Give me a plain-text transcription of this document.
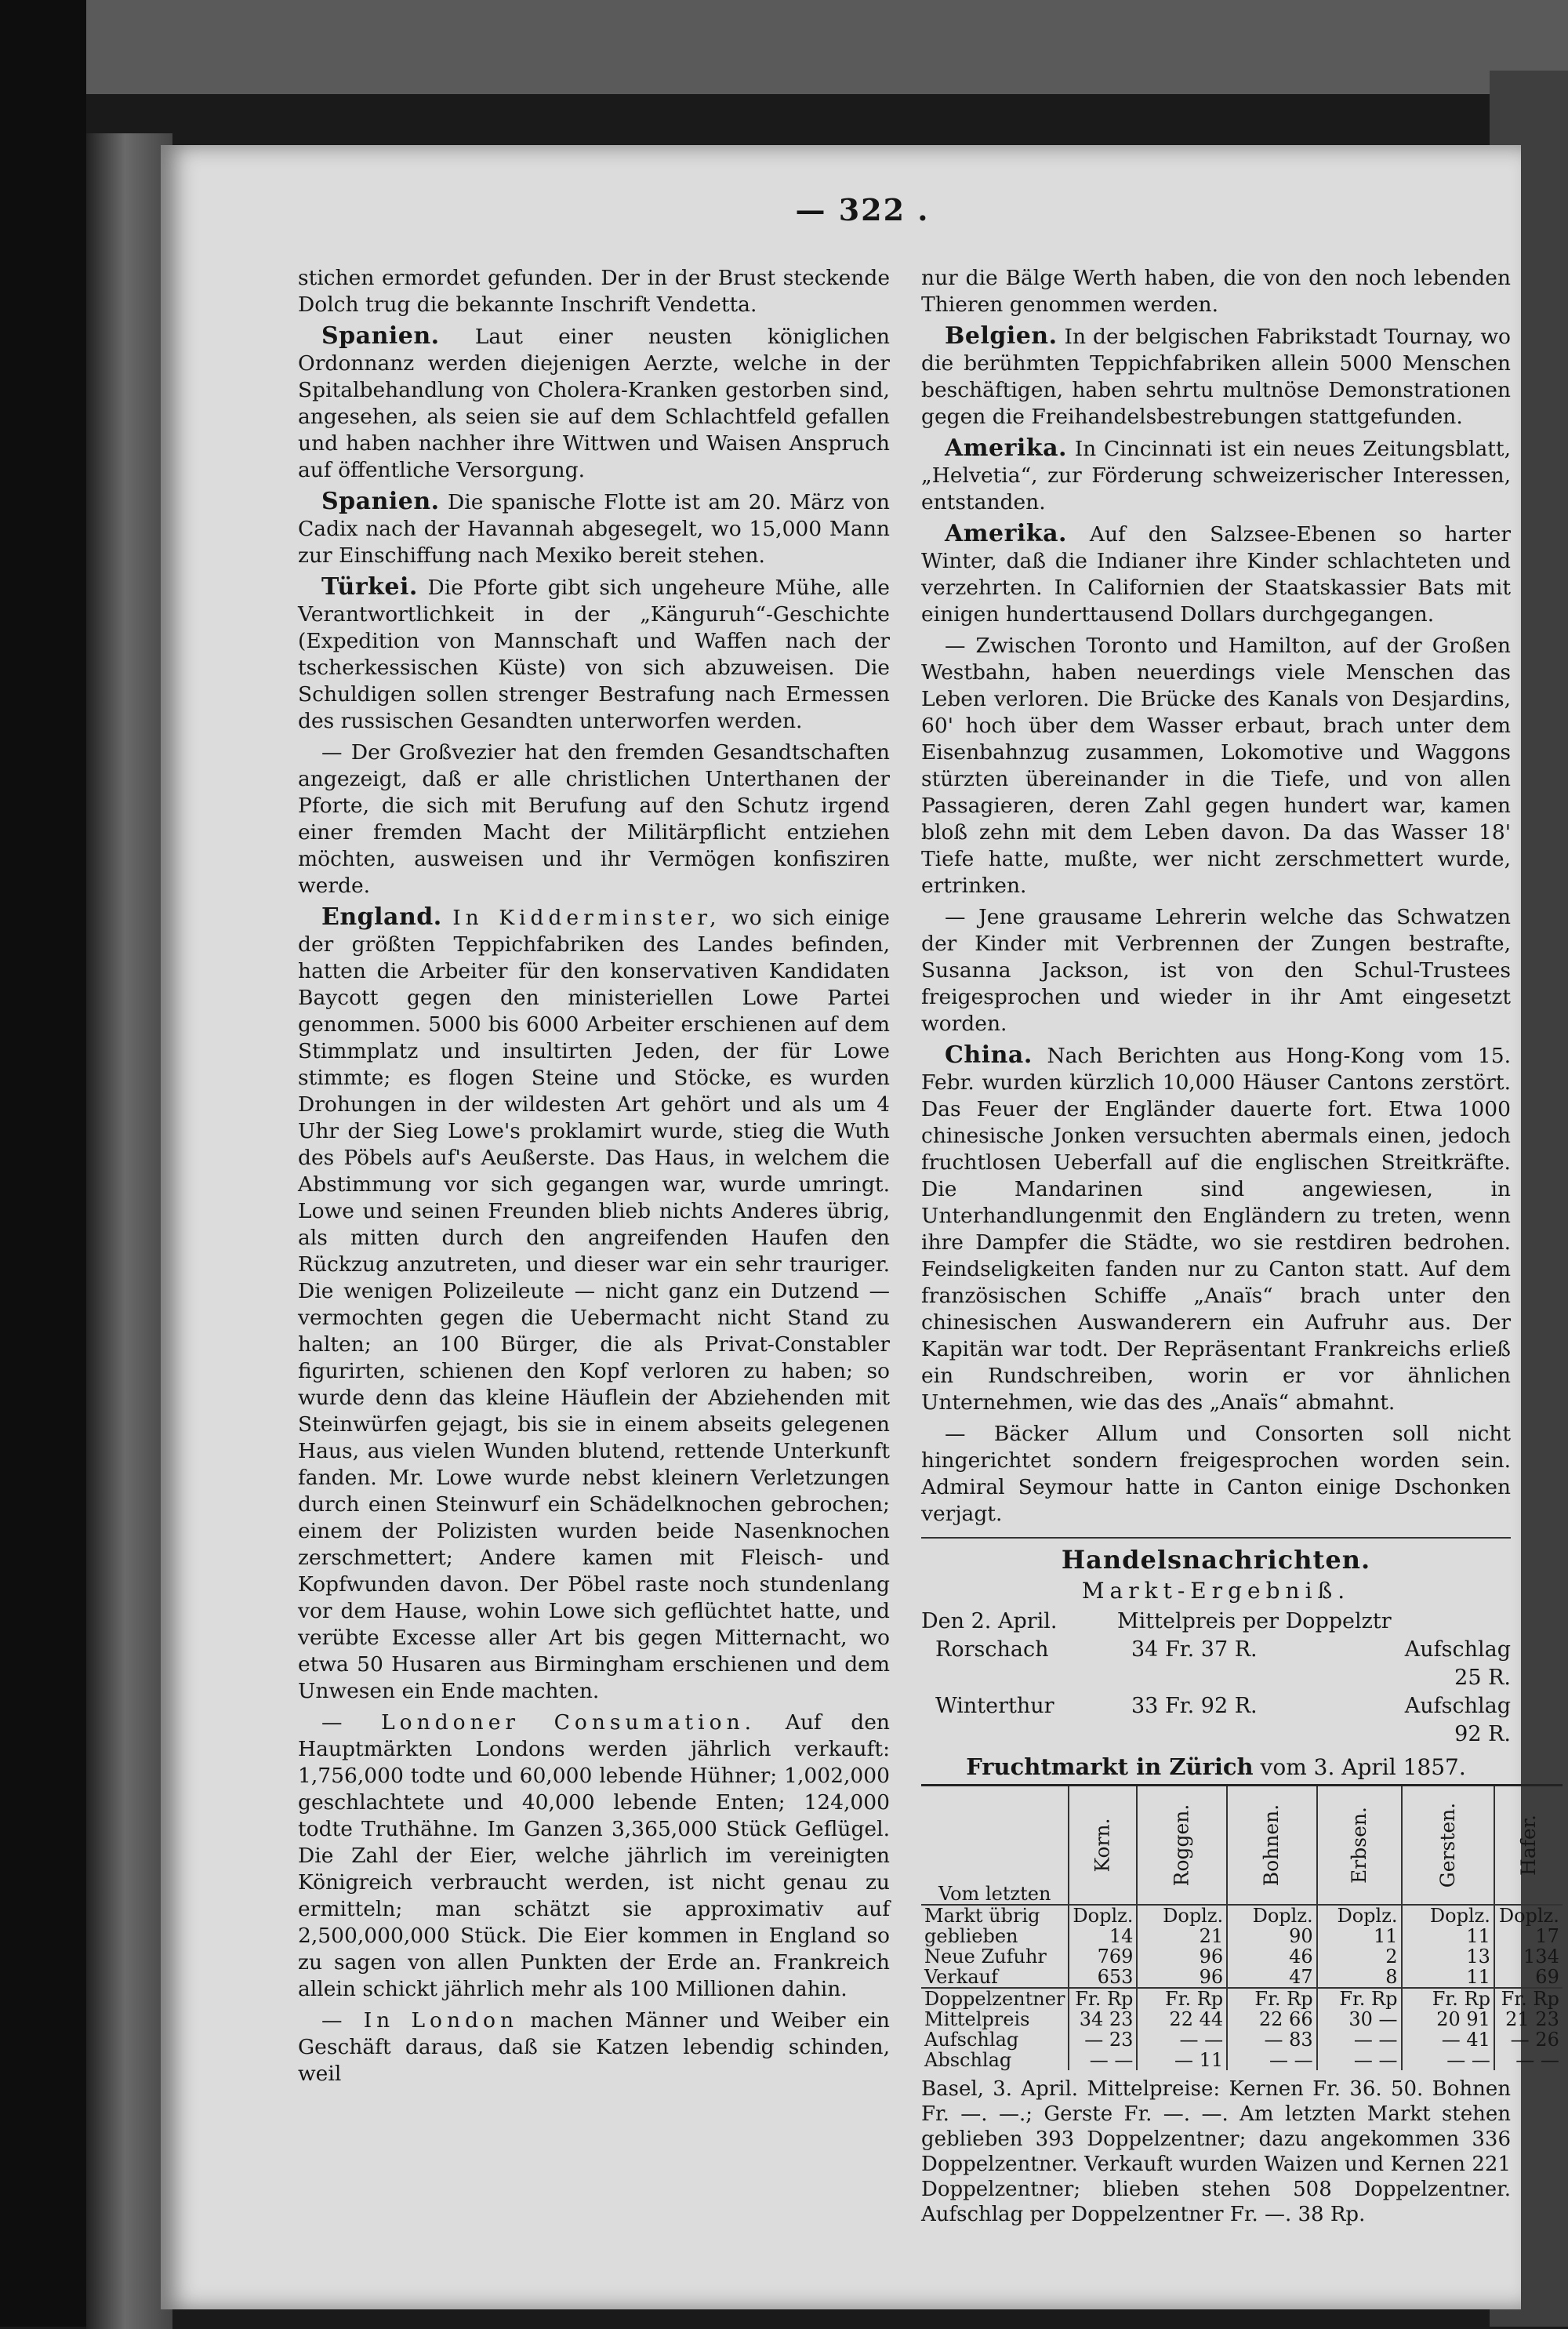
— 322 .

stichen ermordet gefunden. Der in der Brust steckende Dolch trug die bekannte Inschrift Vendetta.

Spanien. Laut einer neusten königlichen Ordonnanz werden diejenigen Aerzte, welche in der Spitalbehandlung von Cholera-Kranken gestorben sind, angesehen, als seien sie auf dem Schlachtfeld gefallen und haben nachher ihre Wittwen und Waisen Anspruch auf öffentliche Versorgung.

Spanien. Die spanische Flotte ist am 20. März von Cadix nach der Havannah abgesegelt, wo 15,000 Mann zur Einschiffung nach Mexiko bereit stehen.

Türkei. Die Pforte gibt sich ungeheure Mühe, alle Verantwortlichkeit in der „Känguruh“-Geschichte (Expedition von Mannschaft und Waffen nach der tscherkessischen Küste) von sich abzuweisen. Die Schuldigen sollen strenger Bestrafung nach Ermessen des russischen Gesandten unterworfen werden.

— Der Großvezier hat den fremden Gesandtschaften angezeigt, daß er alle christlichen Unterthanen der Pforte, die sich mit Berufung auf den Schutz irgend einer fremden Macht der Militärpflicht entziehen möchten, ausweisen und ihr Vermögen konfisziren werde.

England. In Kidderminster, wo sich einige der größten Teppichfabriken des Landes befinden, hatten die Arbeiter für den konservativen Kandidaten Baycott gegen den ministeriellen Lowe Partei genommen. 5000 bis 6000 Arbeiter erschienen auf dem Stimmplatz und insultirten Jeden, der für Lowe stimmte; es flogen Steine und Stöcke, es wurden Drohungen in der wildesten Art gehört und als um 4 Uhr der Sieg Lowe's proklamirt wurde, stieg die Wuth des Pöbels auf's Aeußerste. Das Haus, in welchem die Abstimmung vor sich gegangen war, wurde umringt. Lowe und seinen Freunden blieb nichts Anderes übrig, als mitten durch den angreifenden Haufen den Rückzug anzutreten, und dieser war ein sehr trauriger. Die wenigen Polizeileute — nicht ganz ein Dutzend — vermochten gegen die Uebermacht nicht Stand zu halten; an 100 Bürger, die als Privat-Constabler figurirten, schienen den Kopf verloren zu haben; so wurde denn das kleine Häuflein der Abziehenden mit Steinwürfen gejagt, bis sie in einem abseits gelegenen Haus, aus vielen Wunden blutend, rettende Unterkunft fanden. Mr. Lowe wurde nebst kleinern Verletzungen durch einen Steinwurf ein Schädelknochen gebrochen; einem der Polizisten wurden beide Nasenknochen zerschmettert; Andere kamen mit Fleisch- und Kopfwunden davon. Der Pöbel raste noch stundenlang vor dem Hause, wohin Lowe sich geflüchtet hatte, und verübte Excesse aller Art bis gegen Mitternacht, wo etwa 50 Husaren aus Birmingham erschienen und dem Unwesen ein Ende machten.

— Londoner Consumation. Auf den Hauptmärkten Londons werden jährlich verkauft: 1,756,000 todte und 60,000 lebende Hühner; 1,002,000 geschlachtete und 40,000 lebende Enten; 124,000 todte Truthähne. Im Ganzen 3,365,000 Stück Geflügel. Die Zahl der Eier, welche jährlich im vereinigten Königreich verbraucht werden, ist nicht genau zu ermitteln; man schätzt sie approximativ auf 2,500,000,000 Stück. Die Eier kommen in England so zu sagen von allen Punkten der Erde an. Frankreich allein schickt jährlich mehr als 100 Millionen dahin.

— In London machen Männer und Weiber ein Geschäft daraus, daß sie Katzen lebendig schinden, weil

nur die Bälge Werth haben, die von den noch lebenden Thieren genommen werden.

Belgien. In der belgischen Fabrikstadt Tournay, wo die berühmten Teppichfabriken allein 5000 Menschen beschäftigen, haben sehrtu multnöse Demonstrationen gegen die Freihandelsbestrebungen stattgefunden.

Amerika. In Cincinnati ist ein neues Zeitungsblatt, „Helvetia“, zur Förderung schweizerischer Interessen, entstanden.

Amerika. Auf den Salzsee-Ebenen so harter Winter, daß die Indianer ihre Kinder schlachteten und verzehrten. In Californien der Staatskassier Bats mit einigen hunderttausend Dollars durchgegangen.

— Zwischen Toronto und Hamilton, auf der Großen Westbahn, haben neuerdings viele Menschen das Leben verloren. Die Brücke des Kanals von Desjardins, 60' hoch über dem Wasser erbaut, brach unter dem Eisenbahnzug zusammen, Lokomotive und Waggons stürzten übereinander in die Tiefe, und von allen Passagieren, deren Zahl gegen hundert war, kamen bloß zehn mit dem Leben davon. Da das Wasser 18' Tiefe hatte, mußte, wer nicht zerschmettert wurde, ertrinken.

— Jene grausame Lehrerin welche das Schwatzen der Kinder mit Verbrennen der Zungen bestrafte, Susanna Jackson, ist von den Schul-Trustees freigesprochen und wieder in ihr Amt eingesetzt worden.

China. Nach Berichten aus Hong-Kong vom 15. Febr. wurden kürzlich 10,000 Häuser Cantons zerstört. Das Feuer der Engländer dauerte fort. Etwa 1000 chinesische Jonken versuchten abermals einen, jedoch fruchtlosen Ueberfall auf die englischen Streitkräfte. Die Mandarinen sind angewiesen, in Unterhandlungenmit den Engländern zu treten, wenn ihre Dampfer die Städte, wo sie restdiren bedrohen. Feindseligkeiten fanden nur zu Canton statt. Auf dem französischen Schiffe „Anaïs“ brach unter den chinesischen Auswanderern ein Aufruhr aus. Der Kapitän war todt. Der Repräsentant Frankreichs erließ ein Rundschreiben, worin er vor ähnlichen Unternehmen, wie das des „Anaïs“ abmahnt.

— Bäcker Allum und Consorten soll nicht hingerichtet sondern freigesprochen worden sein. Admiral Seymour hatte in Canton einige Dschonken verjagt.

Handelsnachrichten.
Markt-Ergebniß.
Den 2. April.	Mittelpreis per Doppelztr
Rorschach	34 Fr. 37 R.	Aufschlag 25 R.
Winterthur	33 Fr. 92 R.	Aufschlag 92 R.
Fruchtmarkt in Zürich vom 3. April 1857.
Vom letzten	Korn.	Roggen.	Bohnen.	Erbsen.	Gersten.	Hafer.
Markt übrig	Doplz.	Doplz.	Doplz.	Doplz.	Doplz.	Doplz.
geblieben	14	21	90	11	11	17
Neue Zufuhr	769	96	46	2	13	134
Verkauf	653	96	47	8	11	69
Doppelzentner	Fr. Rp	Fr. Rp	Fr. Rp	Fr. Rp	Fr. Rp	Fr. Rp
Mittelpreis	34 23	22 44	22 66	30 —	20 91	21 23
Aufschlag	— 23	— —	— 83	— —	— 41	— 26
Abschlag	— —	— 11	— —	— —	— —	— —
Basel, 3. April. Mittelpreise: Kernen Fr. 36. 50. Bohnen Fr. —. —.; Gerste Fr. —. —. Am letzten Markt stehen geblieben 393 Doppelzentner; dazu angekommen 336 Doppelzentner. Verkauft wurden Waizen und Kernen 221 Doppelzentner; blieben stehen 508 Doppelzentner. Aufschlag per Doppelzentner Fr. —. 38 Rp.
